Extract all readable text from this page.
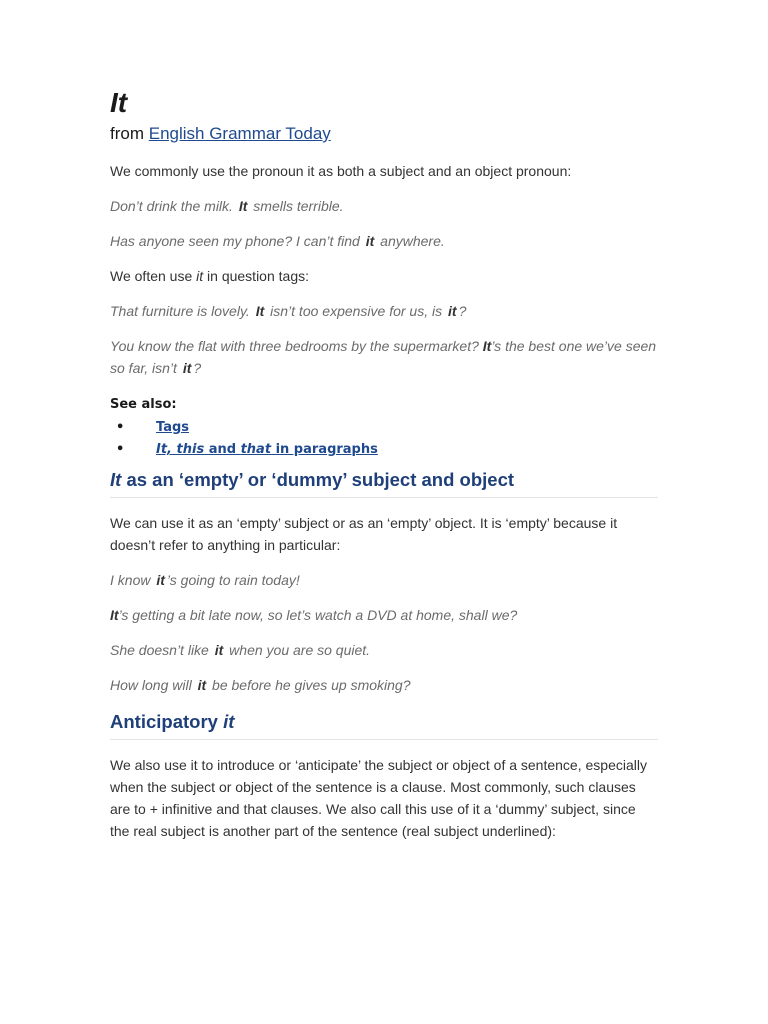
It

from English Grammar Today

We commonly use the pronoun it as both a subject and an object pronoun:

Don’t drink the milk. It smells terrible.

Has anyone seen my phone? I can’t find it anywhere.

We often use it in question tags:

That furniture is lovely. It isn’t too expensive for us, is it ?

You know the flat with three bedrooms by the supermarket? It’s the best one we’ve seen so far, isn’t it ?

See also:
• Tags
• It, this and that in paragraphs
It as an ‘empty’ or ‘dummy’ subject and object

We can use it as an ‘empty’ subject or as an ‘empty’ object. It is ‘empty’ because it doesn’t refer to anything in particular:

I know it ’s going to rain today!

It’s getting a bit late now, so let’s watch a DVD at home, shall we?

She doesn’t like it when you are so quiet.

How long will it be before he gives up smoking?

Anticipatory it

We also use it to introduce or ‘anticipate’ the subject or object of a sentence, especially when the subject or object of the sentence is a clause. Most commonly, such clauses are to + infinitive and that clauses. We also call this use of it a ‘dummy’ subject, since the real subject is another part of the sentence (real subject underlined):
